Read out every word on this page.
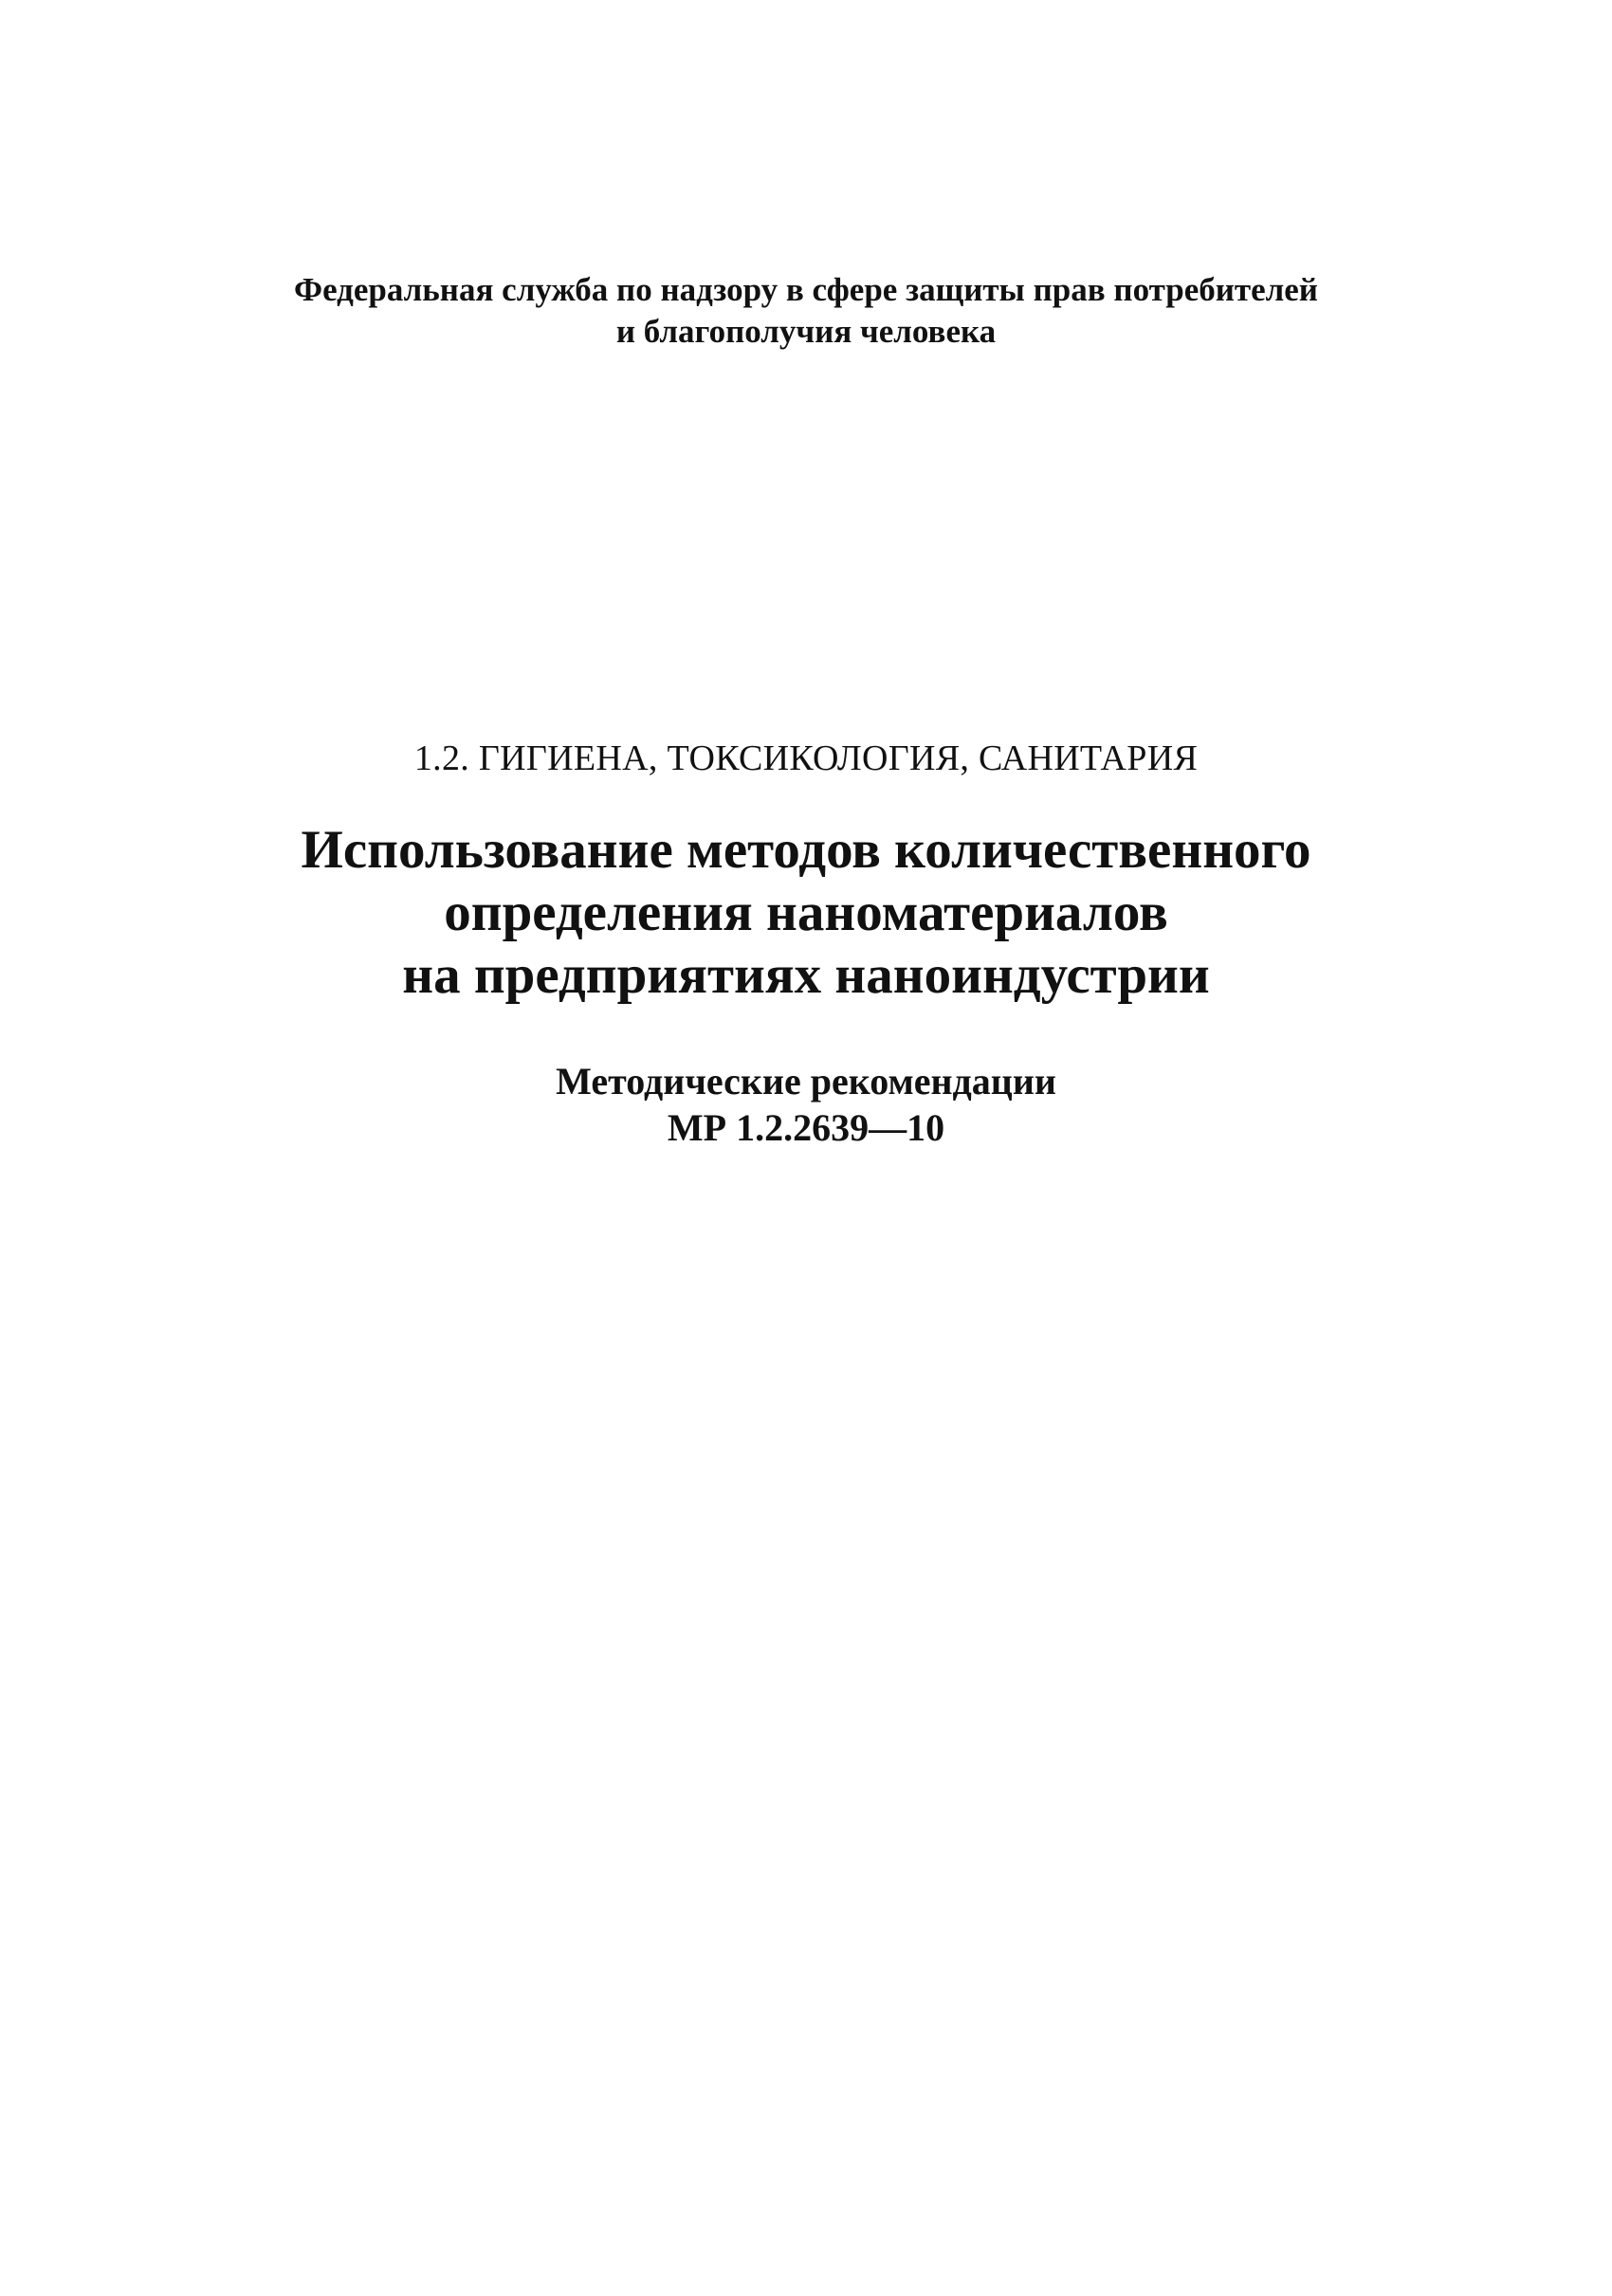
Федеральная служба по надзору в сфере защиты прав потребителей
и благополучия человека
1.2. ГИГИЕНА, ТОКСИКОЛОГИЯ, САНИТАРИЯ
Использование методов количественного
определения наноматериалов
на предприятиях наноиндустрии
Методические рекомендации
МР 1.2.2639—10
